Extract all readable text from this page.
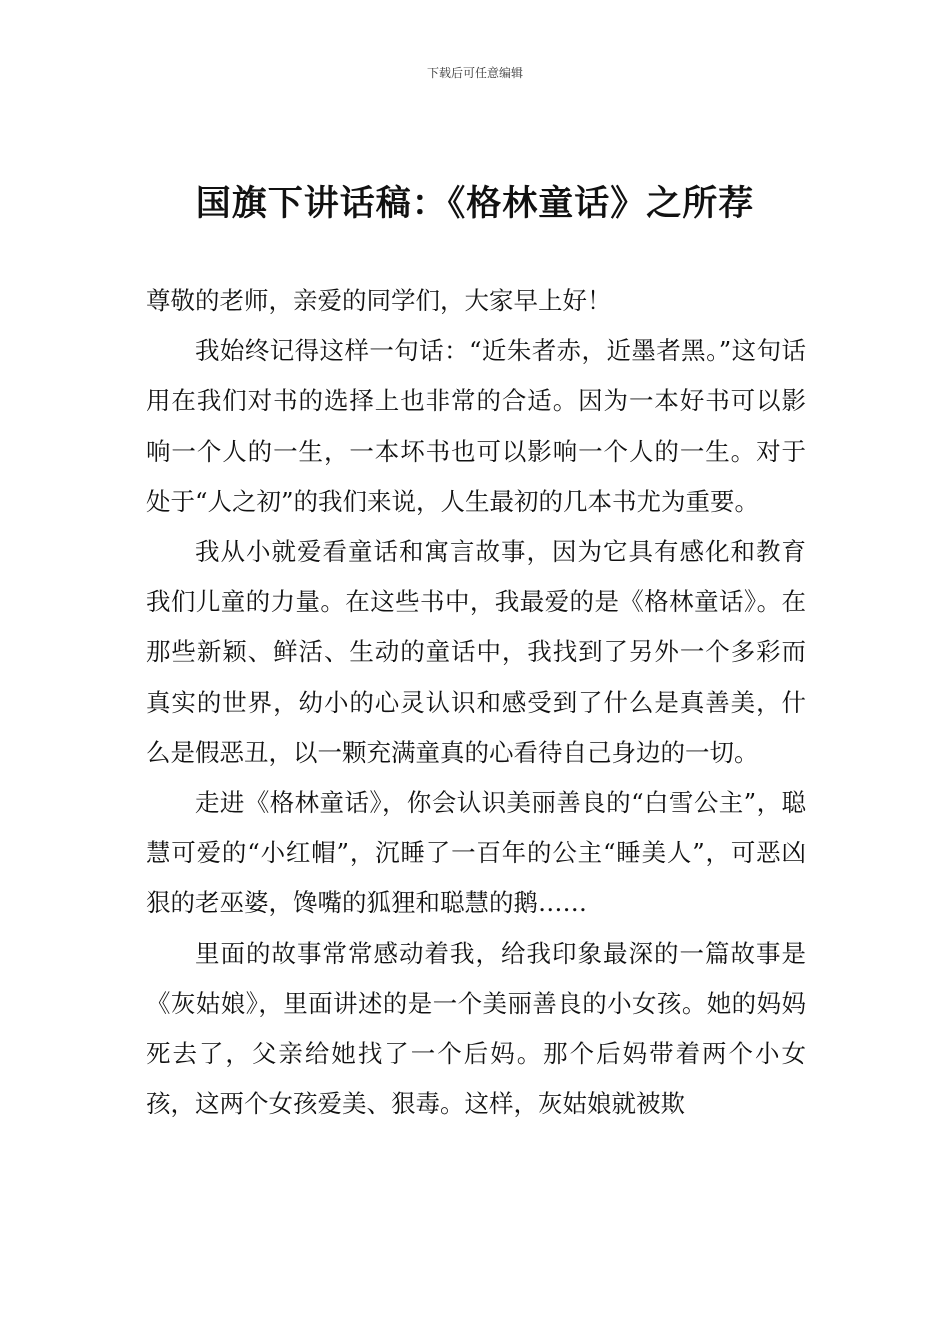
下载后可任意编辑
国旗下讲话稿：《格林童话》之所荐

尊敬的老师，亲爱的同学们，大家早上好！

我始终记得这样一句话：“近朱者赤，近墨者黑。”这句话用在我们对书的选择上也非常的合适。因为一本好书可以影响一个人的一生，一本坏书也可以影响一个人的一生。对于处于“人之初”的我们来说，人生最初的几本书尤为重要。

我从小就爱看童话和寓言故事，因为它具有感化和教育我们儿童的力量。在这些书中，我最爱的是《格林童话》。在那些新颖、鲜活、生动的童话中，我找到了另外一个多彩而真实的世界，幼小的心灵认识和感受到了什么是真善美，什么是假恶丑，以一颗充满童真的心看待自己身边的一切。

走进《格林童话》，你会认识美丽善良的“白雪公主”，聪慧可爱的“小红帽”，沉睡了一百年的公主“睡美人”，可恶凶狠的老巫婆，馋嘴的狐狸和聪慧的鹅……

里面的故事常常感动着我，给我印象最深的一篇故事是《灰姑娘》，里面讲述的是一个美丽善良的小女孩。她的妈妈死去了，父亲给她找了一个后妈。那个后妈带着两个小女孩，这两个女孩爱美、狠毒。这样，灰姑娘就被欺
